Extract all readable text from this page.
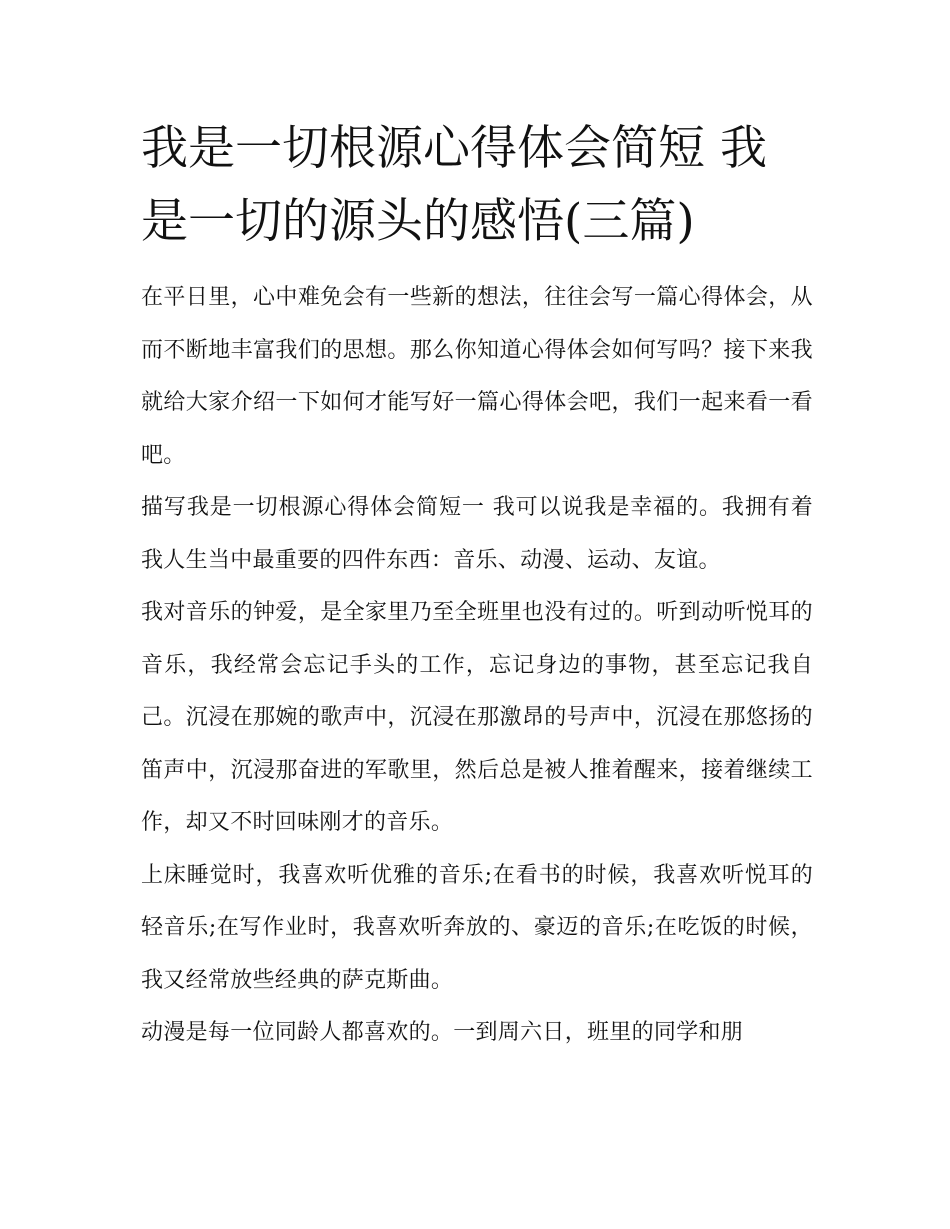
我是一切根源心得体会简短 我是一切的源头的感悟(三篇)

在平日里，心中难免会有一些新的想法，往往会写一篇心得体会，从而不断地丰富我们的思想。那么你知道心得体会如何写吗？接下来我就给大家介绍一下如何才能写好一篇心得体会吧，我们一起来看一看吧。

描写我是一切根源心得体会简短一 我可以说我是幸福的。我拥有着我人生当中最重要的四件东西：音乐、动漫、运动、友谊。

我对音乐的钟爱，是全家里乃至全班里也没有过的。听到动听悦耳的音乐，我经常会忘记手头的工作，忘记身边的事物，甚至忘记我自己。沉浸在那婉的歌声中，沉浸在那激昂的号声中，沉浸在那悠扬的笛声中，沉浸那奋进的军歌里，然后总是被人推着醒来，接着继续工作，却又不时回味刚才的音乐。

上床睡觉时，我喜欢听优雅的音乐;在看书的时候，我喜欢听悦耳的轻音乐;在写作业时，我喜欢听奔放的、豪迈的音乐;在吃饭的时候，我又经常放些经典的萨克斯曲。

动漫是每一位同龄人都喜欢的。一到周六日，班里的同学和朋
